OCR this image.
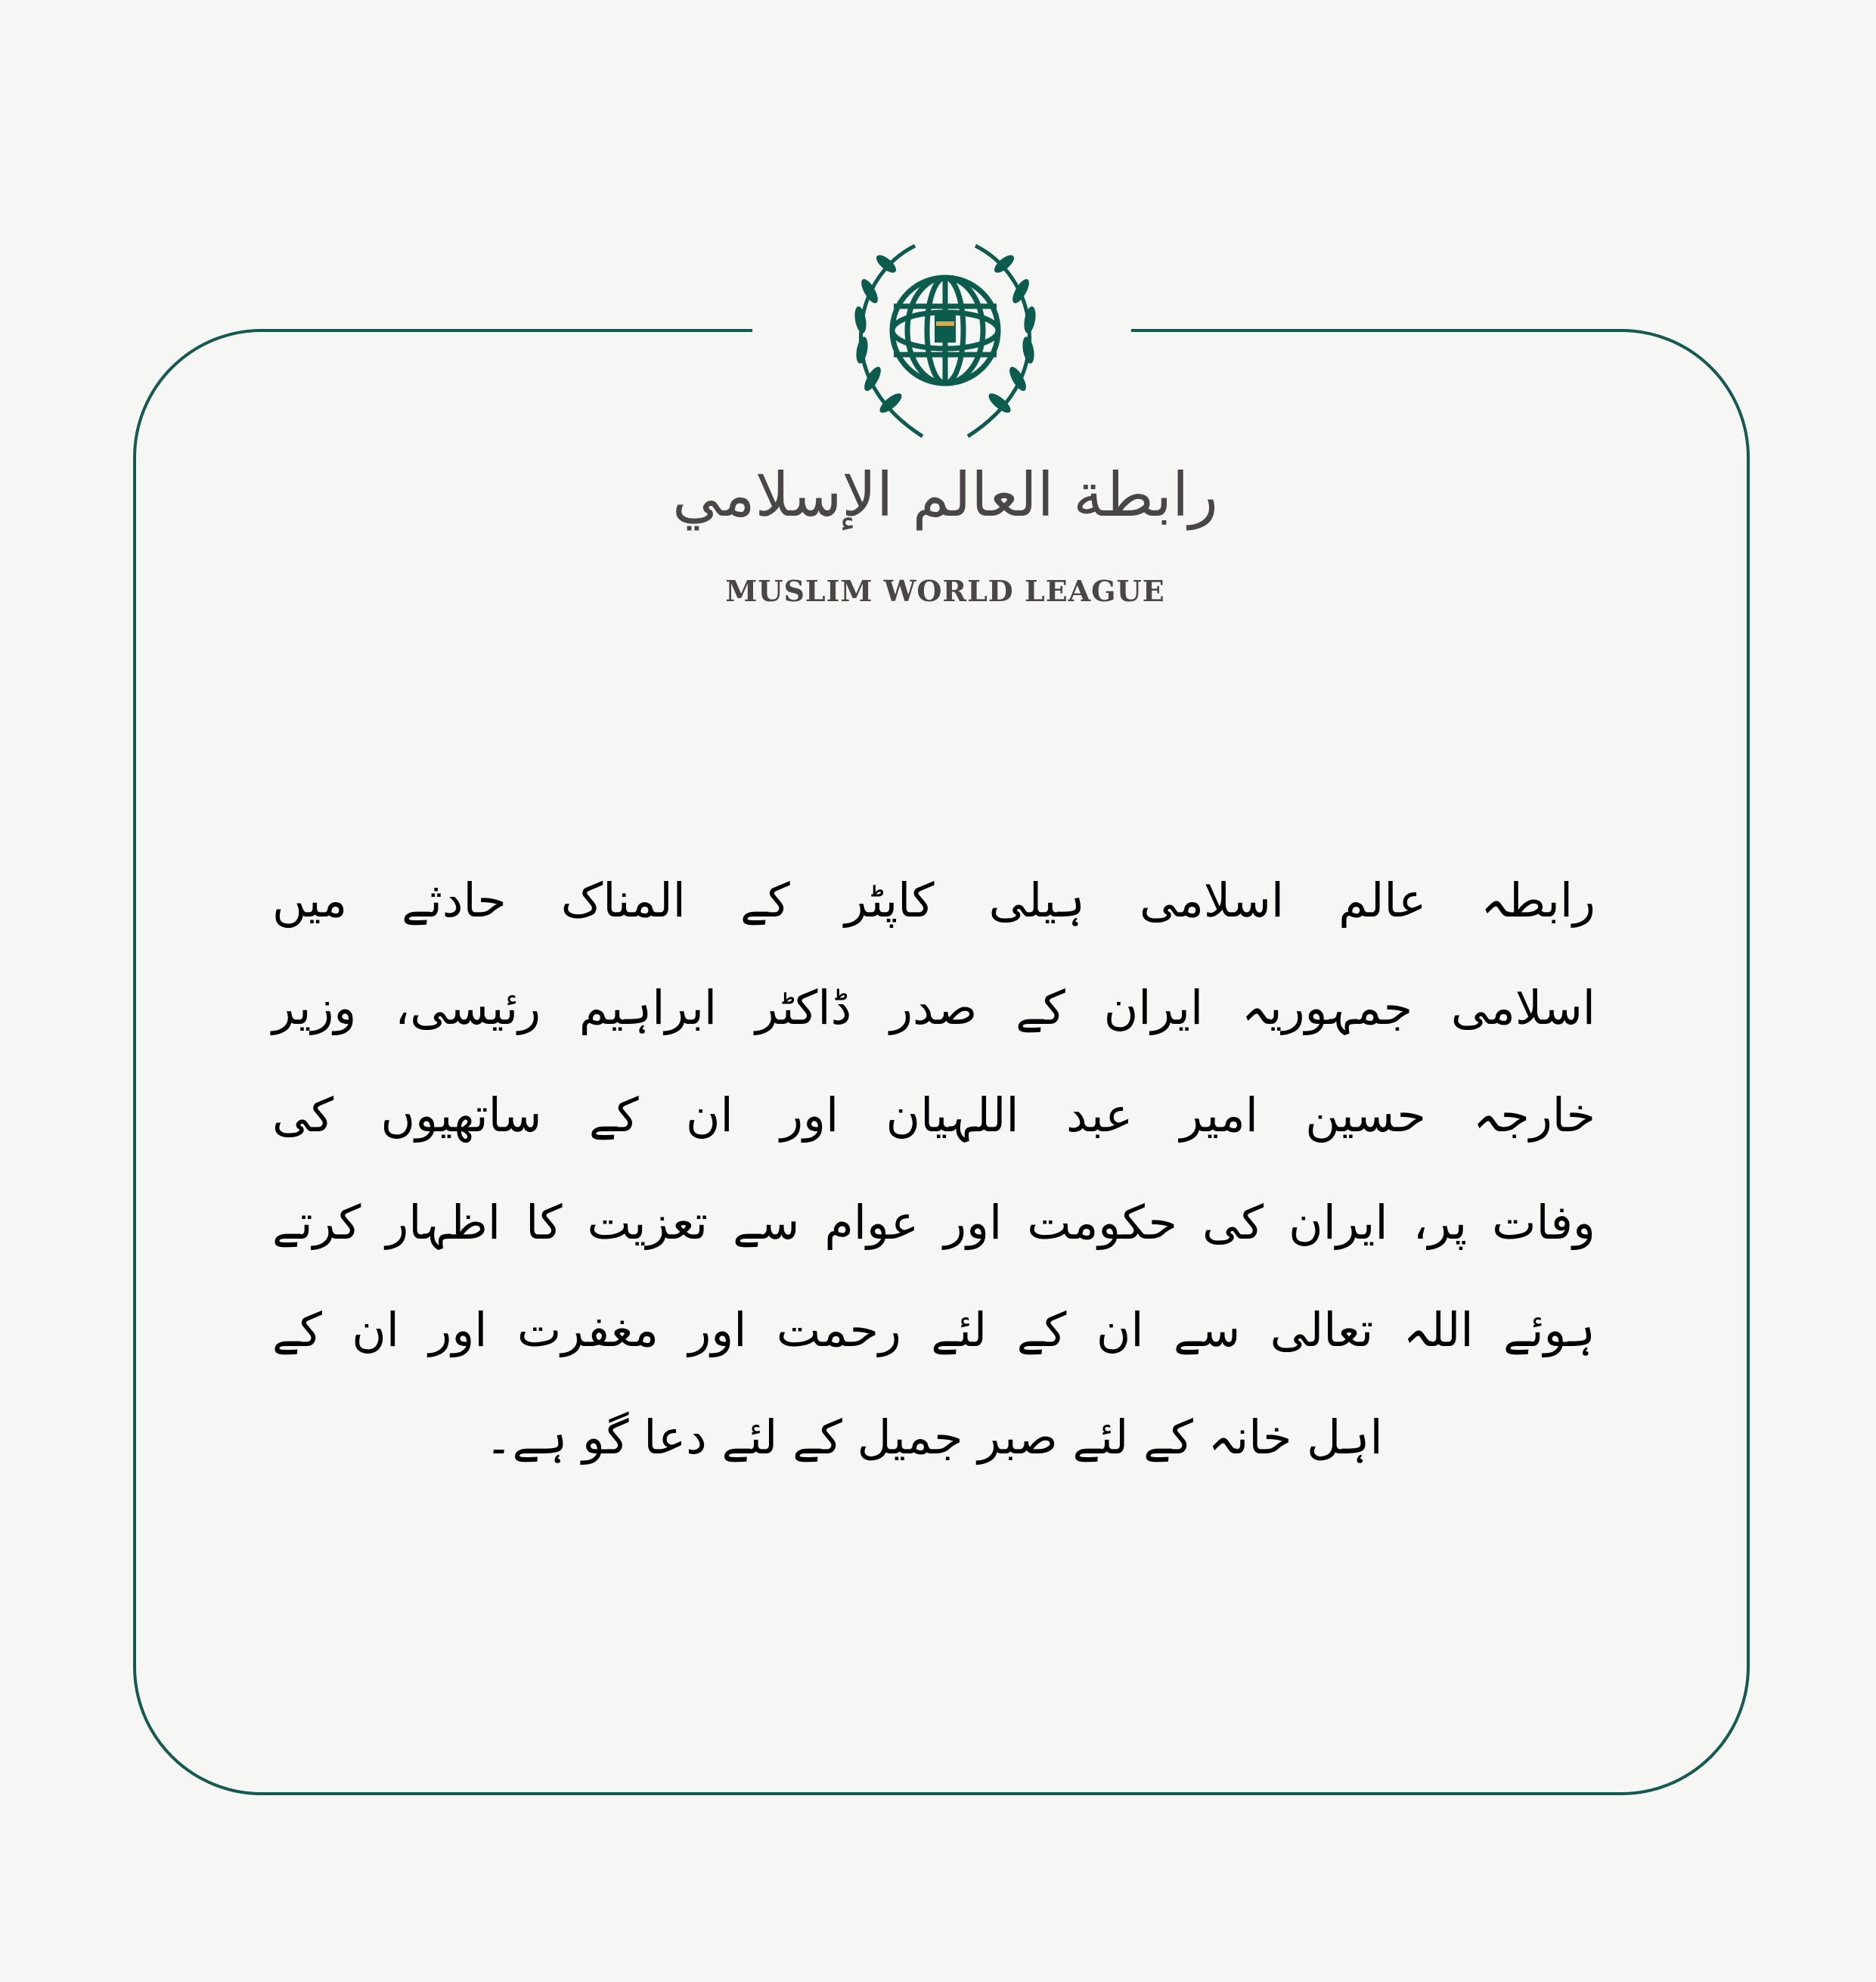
رابطة العالم الإسلامي
MUSLIM WORLD LEAGUE
رابطہ عالم اسلامی ہیلی کاپٹر کے المناک حادثے میں
اسلامی جمہوریہ ایران کے صدر ڈاکٹر ابراہیم رئیسی، وزیر
خارجہ حسین امیر عبد اللہیان اور ان کے ساتھیوں کی
وفات پر، ایران کی حکومت اور عوام سے تعزیت کا اظہار کرتے
ہوئے اللہ تعالی سے ان کے لئے رحمت اور مغفرت اور ان کے
اہل خانہ کے لئے صبر جمیل کے لئے دعا گو ہے۔
